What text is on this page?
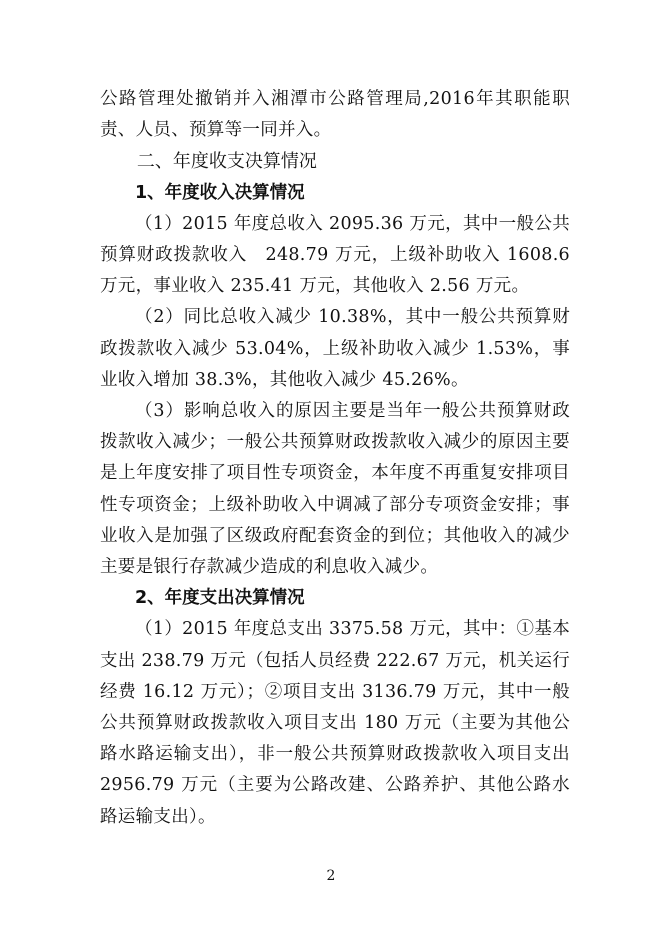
公路管理处撤销并入湘潭市公路管理局,2016年其职能职责、人员、预算等一同并入。

二、年度收支决算情况
1、年度收入决算情况

（1）2015 年度总收入 2095.36 万元，其中一般公共预算财政拨款收入　248.79 万元，上级补助收入 1608.6 万元，事业收入 235.41 万元，其他收入 2.56 万元。

（2）同比总收入减少 10.38%，其中一般公共预算财政拨款收入减少 53.04%，上级补助收入减少 1.53%，事业收入增加 38.3%，其他收入减少 45.26%。

（3）影响总收入的原因主要是当年一般公共预算财政拨款收入减少；一般公共预算财政拨款收入减少的原因主要是上年度安排了项目性专项资金，本年度不再重复安排项目性专项资金；上级补助收入中调减了部分专项资金安排；事业收入是加强了区级政府配套资金的到位；其他收入的减少主要是银行存款减少造成的利息收入减少。

2、年度支出决算情况

（1）2015 年度总支出 3375.58 万元，其中：①基本支出 238.79 万元（包括人员经费 222.67 万元，机关运行经费 16.12 万元）；②项目支出 3136.79 万元，其中一般公共预算财政拨款收入项目支出 180 万元（主要为其他公路水路运输支出），非一般公共预算财政拨款收入项目支出 2956.79 万元（主要为公路改建、公路养护、其他公路水路运输支出）。

2
